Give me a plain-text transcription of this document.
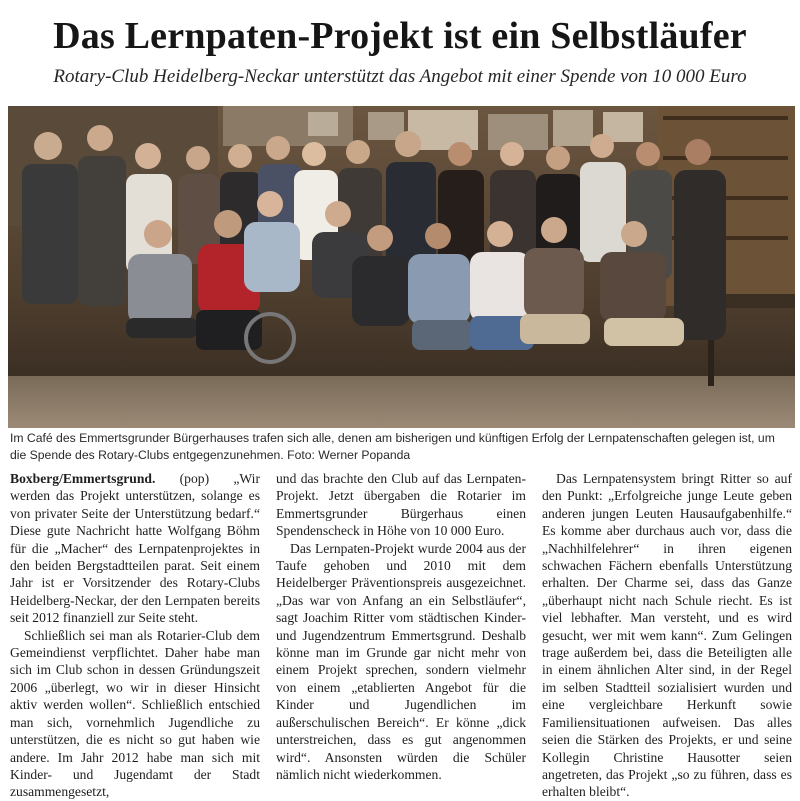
Das Lernpaten-Projekt ist ein Selbstläufer

Rotary-Club Heidelberg-Neckar unterstützt das Angebot mit einer Spende von 10 000 Euro

Im Café des Emmertsgrunder Bürgerhauses trafen sich alle, denen am bisherigen und künftigen Erfolg der Lernpatenschaften gelegen ist, um die Spende des Rotary-Clubs entgegenzunehmen. Foto: Werner Popanda

Boxberg/Emmertsgrund. (pop) „Wir werden das Projekt unterstützen, solange es von privater Seite der Unterstützung bedarf.“ Diese gute Nachricht hatte Wolfgang Böhm für die „Macher“ des Lernpatenprojektes in den beiden Bergstadtteilen parat. Seit einem Jahr ist er Vorsitzender des Rotary-Clubs Heidelberg-Neckar, der den Lernpaten bereits seit 2012 finanziell zur Seite steht.

Schließlich sei man als Rotarier-Club dem Gemeindienst verpflichtet. Daher habe man sich im Club schon in dessen Gründungszeit 2006 „überlegt, wo wir in dieser Hinsicht aktiv werden wollen“. Schließlich entschied man sich, vornehmlich Jugendliche zu unterstützen, die es nicht so gut haben wie andere. Im Jahr 2012 habe man sich mit Kinder- und Jugendamt der Stadt zusammengesetzt,

und das brachte den Club auf das Lernpaten-Projekt. Jetzt übergaben die Rotarier im Emmertsgrunder Bürgerhaus einen Spendenscheck in Höhe von 10 000 Euro.

Das Lernpaten-Projekt wurde 2004 aus der Taufe gehoben und 2010 mit dem Heidelberger Präventionspreis ausgezeichnet. „Das war von Anfang an ein Selbstläufer“, sagt Joachim Ritter vom städtischen Kinder- und Jugendzentrum Emmertsgrund. Deshalb könne man im Grunde gar nicht mehr von einem Projekt sprechen, sondern vielmehr von einem „etablierten Angebot für die Kinder und Jugendlichen im außerschulischen Bereich“. Er könne „dick unterstreichen, dass es gut angenommen wird“. Ansonsten würden die Schüler nämlich nicht wiederkommen.

Das Lernpatensystem bringt Ritter so auf den Punkt: „Erfolgreiche junge Leute geben anderen jungen Leuten Hausaufgabenhilfe.“ Es komme aber durchaus auch vor, dass die „Nachhilfelehrer“ in ihren eigenen schwachen Fächern ebenfalls Unterstützung erhalten. Der Charme sei, dass das Ganze „überhaupt nicht nach Schule riecht. Es ist viel lebhafter. Man versteht, und es wird gesucht, wer mit wem kann“. Zum Gelingen trage außerdem bei, dass die Beteiligten alle in einem ähnlichen Alter sind, in der Regel im selben Stadtteil sozialisiert wurden und eine vergleichbare Herkunft sowie Familiensituationen aufweisen. Das alles seien die Stärken des Projekts, er und seine Kollegin Christine Hausotter seien angetreten, das Projekt „so zu führen, dass es erhalten bleibt“.
